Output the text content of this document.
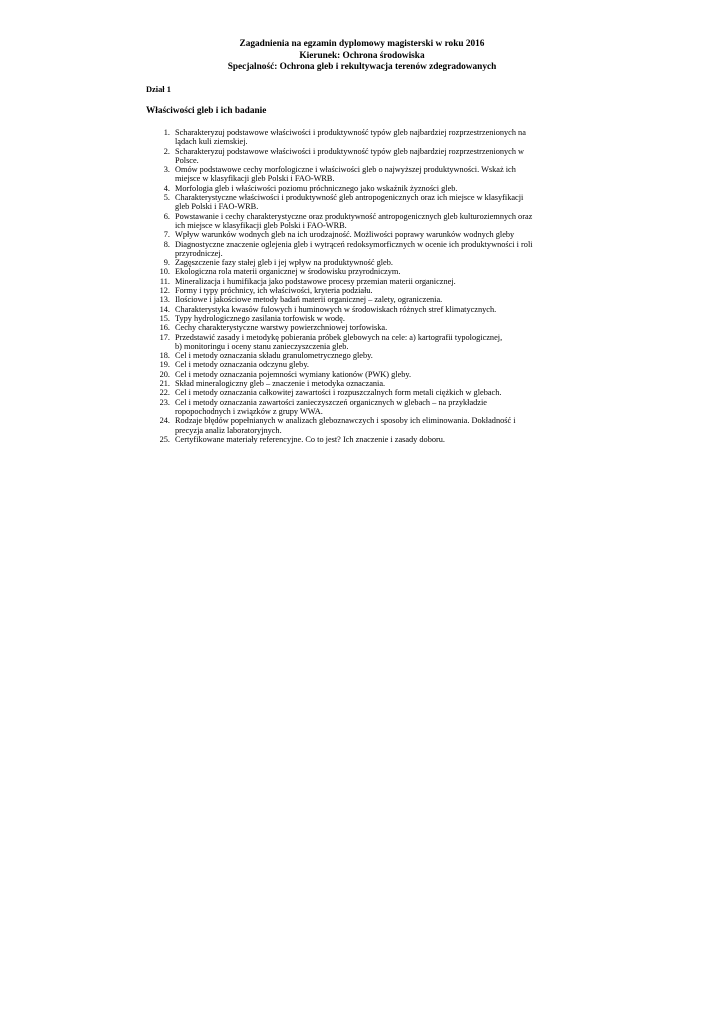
Zagadnienia na egzamin dyplomowy magisterski w roku 2016
Kierunek: Ochrona środowiska
Specjalność: Ochrona gleb i rekultywacja terenów zdegradowanych
Dział 1
Właściwości gleb i ich badanie
1. Scharakteryzuj podstawowe właściwości i produktywność typów gleb najbardziej rozprzestrzenionych na
lądach kuli ziemskiej.
2. Scharakteryzuj podstawowe właściwości i produktywność typów gleb najbardziej rozprzestrzenionych w
Polsce.
3. Omów podstawowe cechy morfologiczne i właściwości gleb o najwyższej produktywności. Wskaż ich
miejsce w klasyfikacji gleb Polski i FAO-WRB.
4. Morfologia gleb i właściwości poziomu próchnicznego jako wskaźnik żyzności gleb.
5. Charakterystyczne właściwości i produktywność gleb antropogenicznych oraz ich miejsce w klasyfikacji
gleb Polski i FAO-WRB.
6. Powstawanie i cechy charakterystyczne oraz produktywność antropogenicznych gleb kulturoziemnych oraz
ich miejsce w klasyfikacji gleb Polski i FAO-WRB.
7. Wpływ warunków wodnych gleb na ich urodzajność. Możliwości poprawy warunków wodnych gleby
8. Diagnostyczne znaczenie oglejenia gleb i wytrąceń redoksymorficznych w ocenie ich produktywności i roli
przyrodniczej.
9. Zagęszczenie fazy stałej gleb i jej wpływ na produktywność gleb.
10. Ekologiczna rola materii organicznej w środowisku przyrodniczym.
11. Mineralizacja i humifikacja jako podstawowe procesy przemian materii organicznej.
12. Formy i typy próchnicy, ich właściwości, kryteria podziału.
13. Ilościowe i jakościowe metody badań materii organicznej – zalety, ograniczenia.
14. Charakterystyka kwasów fulowych i huminowych w środowiskach różnych stref klimatycznych.
15. Typy hydrologicznego zasilania torfowisk w wodę.
16. Cechy charakterystyczne warstwy powierzchniowej torfowiska.
17. Przedstawić zasady i metodykę pobierania próbek glebowych na cele: a) kartografii typologicznej,
b) monitoringu i oceny stanu zanieczyszczenia gleb.
18. Cel i metody oznaczania składu granulometrycznego gleby.
19. Cel i metody oznaczania odczynu gleby.
20. Cel i metody oznaczania pojemności wymiany kationów (PWK) gleby.
21. Skład mineralogiczny gleb – znaczenie i metodyka oznaczania.
22. Cel i metody oznaczania całkowitej zawartości i rozpuszczalnych form metali ciężkich w glebach.
23. Cel i metody oznaczania zawartości zanieczyszczeń organicznych w glebach – na przykładzie
ropopochodnych i związków z grupy WWA.
24. Rodzaje błędów popełnianych w analizach gleboznawczych i sposoby ich eliminowania. Dokładność i
precyzja analiz laboratoryjnych.
25. Certyfikowane materiały referencyjne. Co to jest? Ich znaczenie i zasady doboru.
